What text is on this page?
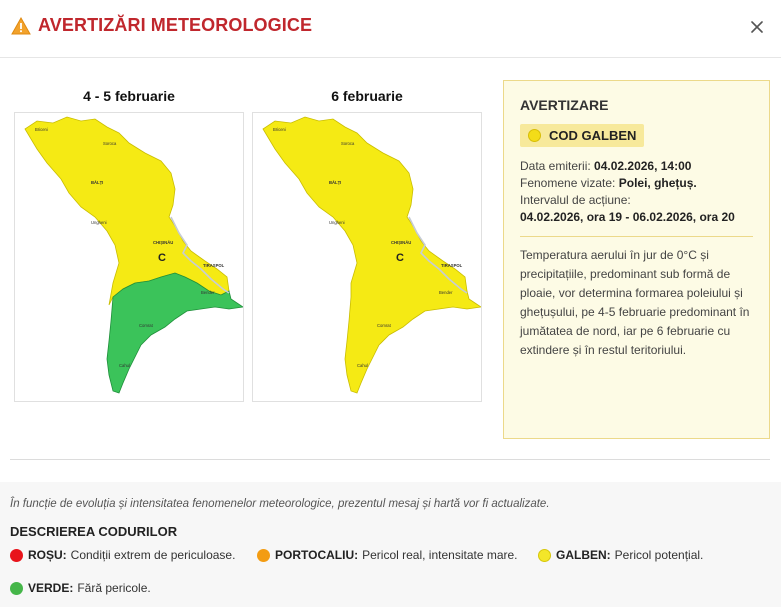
AVERTIZĂRI METEOROLOGICE
4 - 5 februarie
Briceni
Soroca
BĂLȚI
Ungheni
CHIȘINĂU
TIRASPOL
Bender
Comrat
Cahul
C
6 februarie
Briceni
Soroca
BĂLȚI
Ungheni
CHIȘINĂU
TIRASPOL
Bender
Comrat
Cahul
C
AVERTIZARE
COD GALBEN
Data emiterii: 04.02.2026, 14:00
Fenomene vizate: Polei, ghețuș.
Intervalul de acțiune:
04.02.2026, ora 19 - 06.02.2026, ora 20
Temperatura aerului în jur de 0°C și precipitațiile, predominant sub formă de ploaie, vor determina formarea poleiului și ghețușului, pe 4-5 februarie predominant în jumătatea de nord, iar pe 6 februarie cu extindere și în restul teritoriului.
În funcție de evoluția și intensitatea fenomenelor meteorologice, prezentul mesaj și hartă vor fi actualizate.
DESCRIEREA CODURILOR
ROȘU: Condiții extrem de periculoase.	PORTOCALIU: Pericol real, intensitate mare.	GALBEN: Pericol potențial.
VERDE: Fără pericole.
